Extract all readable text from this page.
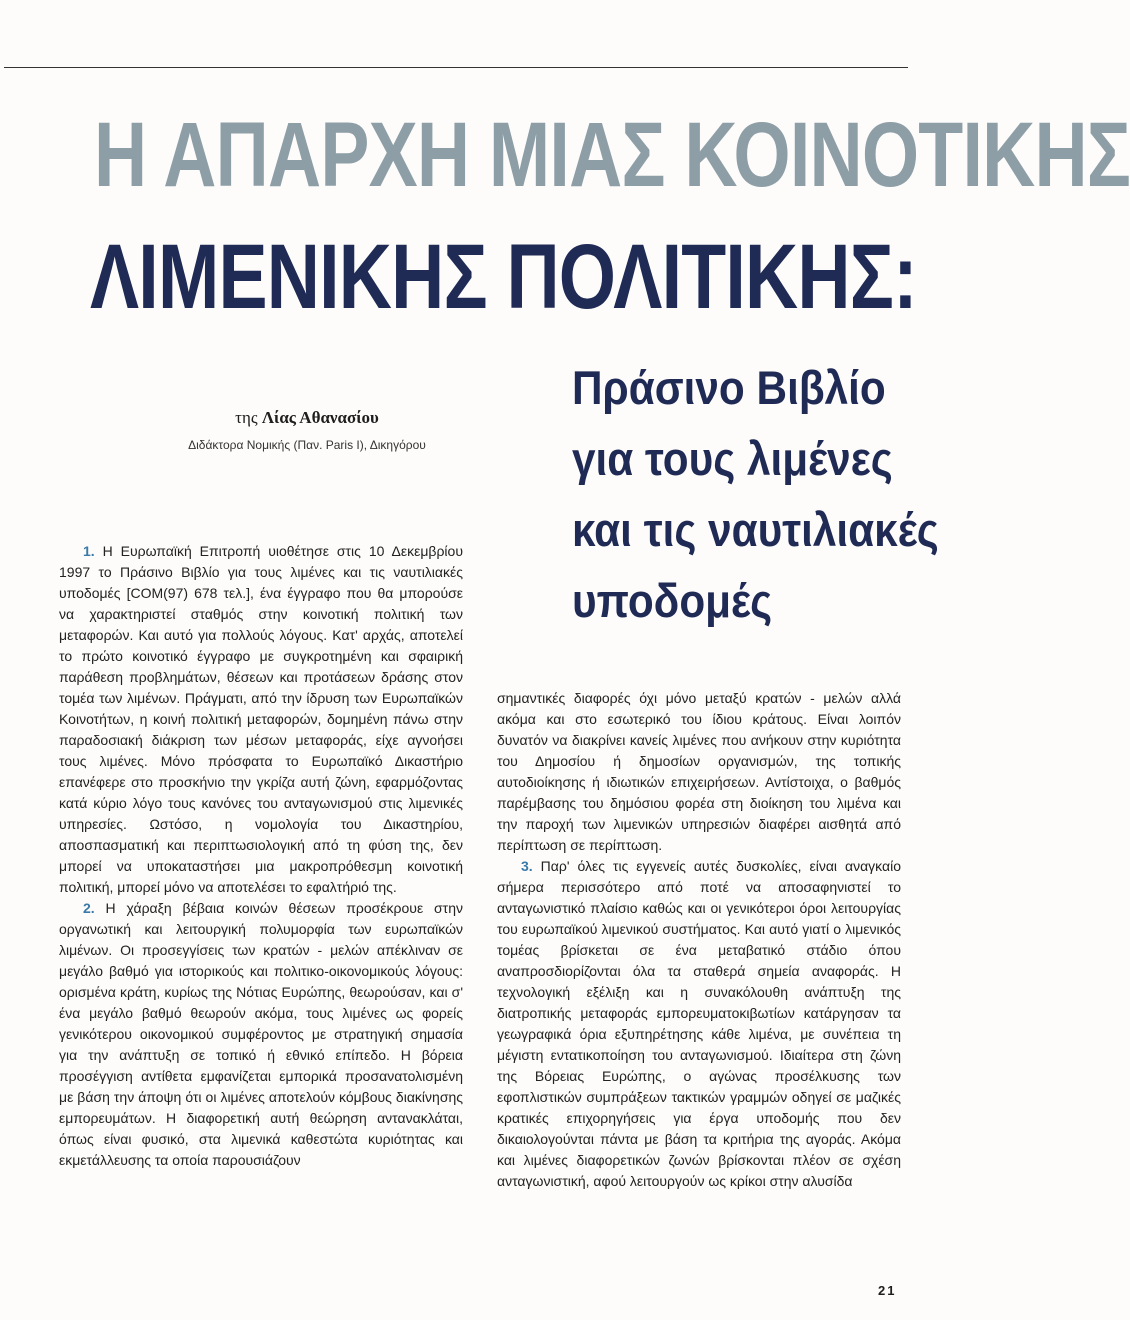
Η ΑΠΑΡΧΗ ΜΙΑΣ ΚΟΙΝΟΤΙΚΗΣ
ΛΙΜΕΝΙΚΗΣ ΠΟΛΙΤΙΚΗΣ:
Πράσινο Βιβλίο
για τους λιμένες
και τις ναυτιλιακές
υποδομές
της Λίας Αθανασίου
Διδάκτορα Νομικής (Παν. Paris I), Δικηγόρου

1. Η Ευρωπαϊκή Επιτροπή υιοθέτησε στις 10 Δεκεμβρίου 1997 το Πράσινο Βιβλίο για τους λιμένες και τις ναυτιλιακές υποδομές [COM(97) 678 τελ.], ένα έγγραφο που θα μπορούσε να χαρακτηριστεί σταθμός στην κοινοτική πολιτική των μεταφορών. Και αυτό για πολλούς λόγους. Κατ' αρχάς, αποτελεί το πρώτο κοινοτικό έγγραφο με συγκροτημένη και σφαιρική παράθεση προβλημάτων, θέσεων και προτάσεων δράσης στον τομέα των λιμένων. Πράγματι, από την ίδρυση των Ευρωπαϊκών Κοινοτήτων, η κοινή πολιτική μεταφορών, δομημένη πάνω στην παραδοσιακή διάκριση των μέσων μεταφοράς, είχε αγνοήσει τους λιμένες. Μόνο πρόσφατα το Ευρωπαϊκό Δικαστήριο επανέφερε στο προσκήνιο την γκρίζα αυτή ζώνη, εφαρμόζοντας κατά κύριο λόγο τους κανόνες του ανταγωνισμού στις λιμενικές υπηρεσίες. Ωστόσο, η νομολογία του Δικαστηρίου, αποσπασματική και περιπτωσιολογική από τη φύση της, δεν μπορεί να υποκαταστήσει μια μακροπρόθεσμη κοινοτική πολιτική, μπορεί μόνο να αποτελέσει το εφαλτήριό της.

2. Η χάραξη βέβαια κοινών θέσεων προσέκρουε στην οργανωτική και λειτουργική πολυμορφία των ευρωπαϊκών λιμένων. Οι προσεγγίσεις των κρατών - μελών απέκλιναν σε μεγάλο βαθμό για ιστορικούς και πολιτικο-οικονομικούς λόγους: ορισμένα κράτη, κυρίως της Νότιας Ευρώπης, θεωρούσαν, και σ' ένα μεγάλο βαθμό θεωρούν ακόμα, τους λιμένες ως φορείς γενικότερου οικονομικού συμφέροντος με στρατηγική σημασία για την ανάπτυξη σε τοπικό ή εθνικό επίπεδο. Η βόρεια προσέγγιση αντίθετα εμφανίζεται εμπορικά προσανατολισμένη με βάση την άποψη ότι οι λιμένες αποτελούν κόμβους διακίνησης εμπορευμάτων. Η διαφορετική αυτή θεώρηση αντανακλάται, όπως είναι φυσικό, στα λιμενικά καθεστώτα κυριότητας και εκμετάλλευσης τα οποία παρουσιάζουν

σημαντικές διαφορές όχι μόνο μεταξύ κρατών - μελών αλλά ακόμα και στο εσωτερικό του ίδιου κράτους. Είναι λοιπόν δυνατόν να διακρίνει κανείς λιμένες που ανήκουν στην κυριότητα του Δημοσίου ή δημοσίων οργανισμών, της τοπικής αυτοδιοίκησης ή ιδιωτικών επιχειρήσεων. Αντίστοιχα, ο βαθμός παρέμβασης του δημόσιου φορέα στη διοίκηση του λιμένα και την παροχή των λιμενικών υπηρεσιών διαφέρει αισθητά από περίπτωση σε περίπτωση.

3. Παρ' όλες τις εγγενείς αυτές δυσκολίες, είναι αναγκαίο σήμερα περισσότερο από ποτέ να αποσαφηνιστεί το ανταγωνιστικό πλαίσιο καθώς και οι γενικότεροι όροι λειτουργίας του ευρωπαϊκού λιμενικού συστήματος. Και αυτό γιατί ο λιμενικός τομέας βρίσκεται σε ένα μεταβατικό στάδιο όπου αναπροσδιορίζονται όλα τα σταθερά σημεία αναφοράς. Η τεχνολογική εξέλιξη και η συνακόλουθη ανάπτυξη της διατροπικής μεταφοράς εμπορευματοκιβωτίων κατάργησαν τα γεωγραφικά όρια εξυπηρέτησης κάθε λιμένα, με συνέπεια τη μέγιστη εντατικοποίηση του ανταγωνισμού. Ιδιαίτερα στη ζώνη της Βόρειας Ευρώπης, ο αγώνας προσέλκυσης των εφοπλιστικών συμπράξεων τακτικών γραμμών οδηγεί σε μαζικές κρατικές επιχορηγήσεις για έργα υποδομής που δεν δικαιολογούνται πάντα με βάση τα κριτήρια της αγοράς. Ακόμα και λιμένες διαφορετικών ζωνών βρίσκονται πλέον σε σχέση ανταγωνιστική, αφού λειτουργούν ως κρίκοι στην αλυσίδα

21
